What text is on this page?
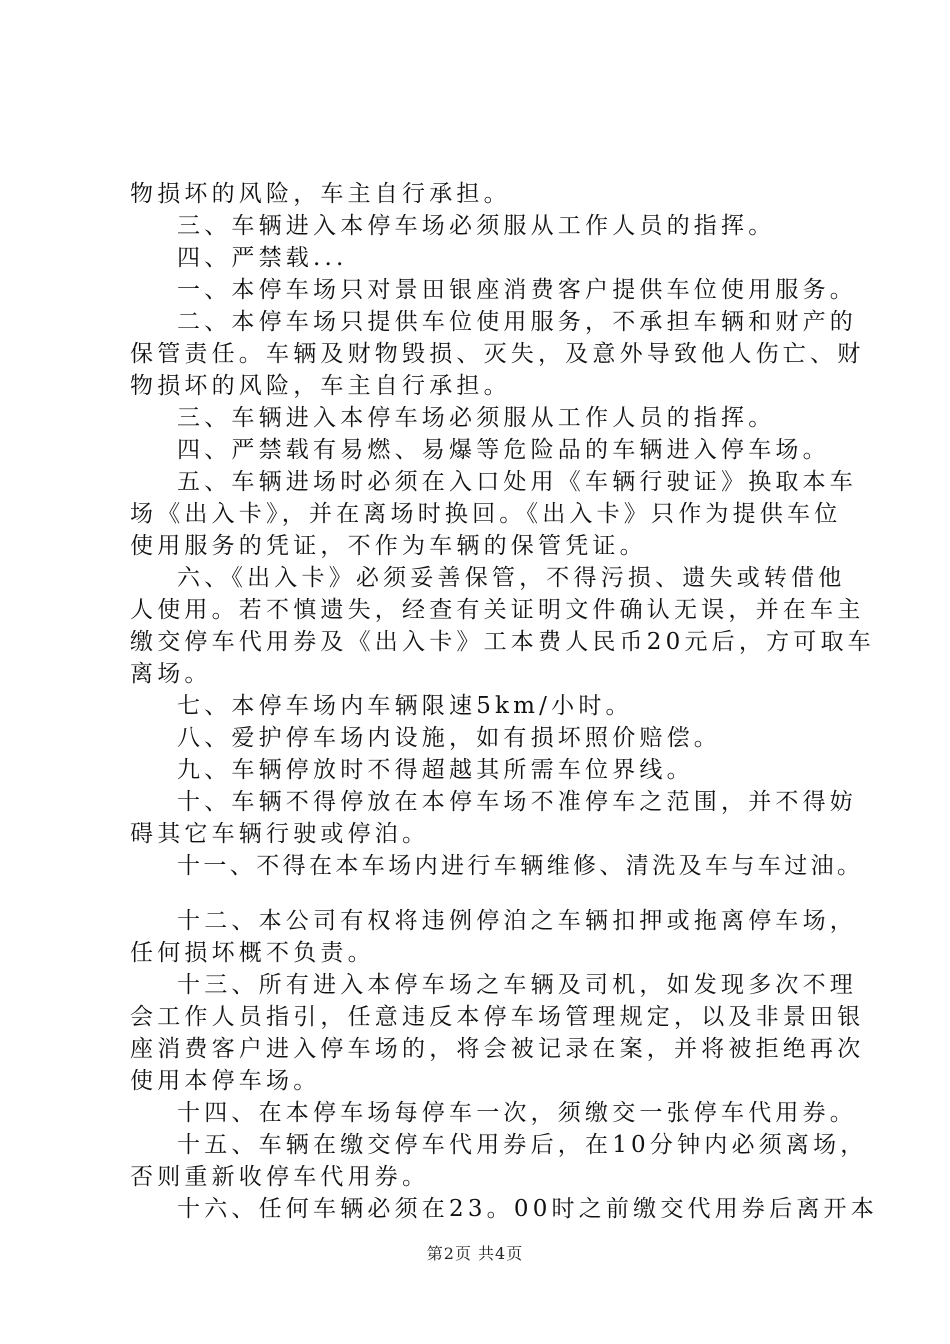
物损坏的风险，车主自行承担。
三、车辆进入本停车场必须服从工作人员的指挥。
四、严禁载...
一、本停车场只对景田银座消费客户提供车位使用服务。
二、本停车场只提供车位使用服务，不承担车辆和财产的
保管责任。车辆及财物毁损、灭失，及意外导致他人伤亡、财
物损坏的风险，车主自行承担。
三、车辆进入本停车场必须服从工作人员的指挥。
四、严禁载有易燃、易爆等危险品的车辆进入停车场。
五、车辆进场时必须在入口处用《车辆行驶证》换取本车
场《出入卡》，并在离场时换回。《出入卡》只作为提供车位
使用服务的凭证，不作为车辆的保管凭证。
六、《出入卡》必须妥善保管，不得污损、遗失或转借他
人使用。若不慎遗失，经查有关证明文件确认无误，并在车主
缴交停车代用券及《出入卡》工本费人民币20元后，方可取车
离场。
七、本停车场内车辆限速5km/小时。
八、爱护停车场内设施，如有损坏照价赔偿。
九、车辆停放时不得超越其所需车位界线。
十、车辆不得停放在本停车场不准停车之范围，并不得妨
碍其它车辆行驶或停泊。
十一、不得在本车场内进行车辆维修、清洗及车与车过油。
十二、本公司有权将违例停泊之车辆扣押或拖离停车场，
任何损坏概不负责。
十三、所有进入本停车场之车辆及司机，如发现多次不理
会工作人员指引，任意违反本停车场管理规定，以及非景田银
座消费客户进入停车场的，将会被记录在案，并将被拒绝再次
使用本停车场。
十四、在本停车场每停车一次，须缴交一张停车代用券。
十五、车辆在缴交停车代用券后，在10分钟内必须离场，
否则重新收停车代用券。
十六、任何车辆必须在23。00时之前缴交代用券后离开本
第2页 共4页
